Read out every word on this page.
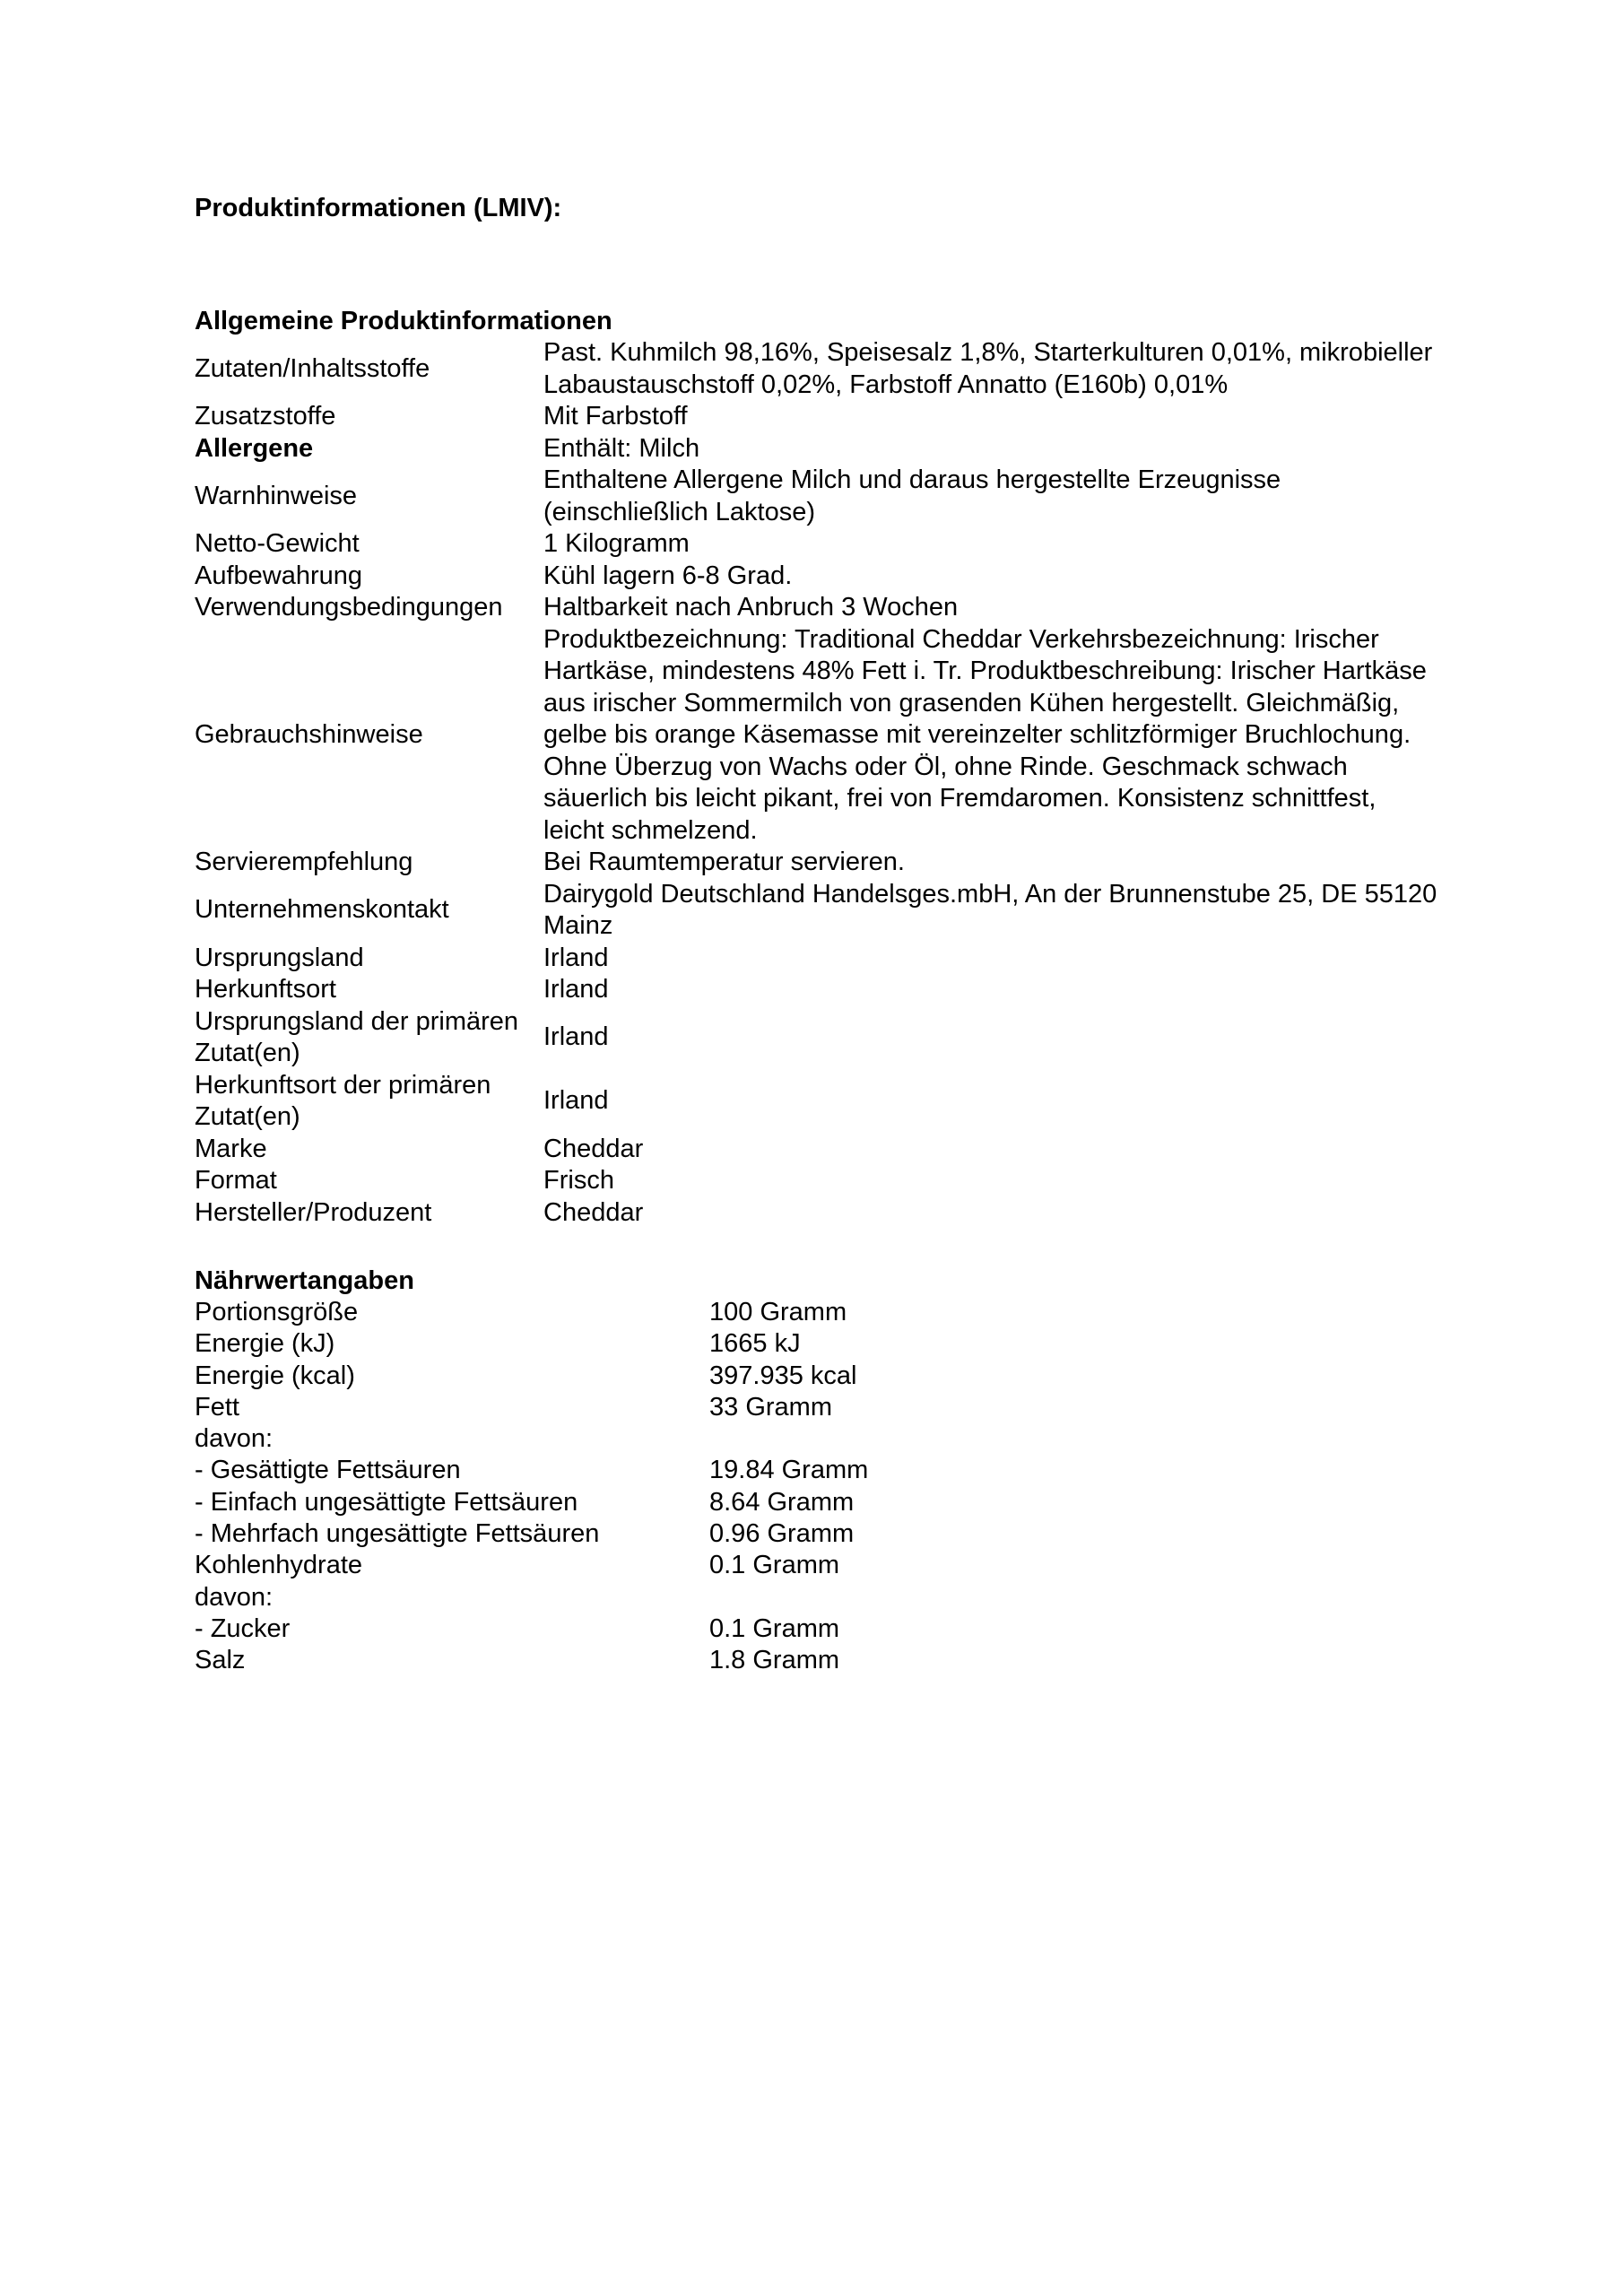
Produktinformationen (LMIV):
Allgemeine Produktinformationen
Zutaten/Inhaltsstoffe	Past. Kuhmilch 98,16%, Speisesalz 1,8%, Starterkulturen 0,01%, mikrobieller Labaustauschstoff 0,02%, Farbstoff Annatto (E160b) 0,01%
Zusatzstoffe	Mit Farbstoff
Allergene	Enthält: Milch
Warnhinweise	Enthaltene Allergene Milch und daraus hergestellte Erzeugnisse (einschließlich Laktose)
Netto-Gewicht	1 Kilogramm
Aufbewahrung	Kühl lagern 6-8 Grad.
Verwendungsbedingungen	Haltbarkeit nach Anbruch 3 Wochen
Gebrauchshinweise	Produktbezeichnung: Traditional Cheddar Verkehrsbezeichnung: Irischer Hartkäse, mindestens 48% Fett i. Tr. Produktbeschreibung: Irischer Hartkäse aus irischer Sommermilch von grasenden Kühen hergestellt. Gleichmäßig, gelbe bis orange Käsemasse mit vereinzelter schlitzförmiger Bruchlochung. Ohne Überzug von Wachs oder Öl, ohne Rinde. Geschmack schwach säuerlich bis leicht pikant, frei von Fremdaromen. Konsistenz schnittfest, leicht schmelzend.
Servierempfehlung	Bei Raumtemperatur servieren.
Unternehmenskontakt	Dairygold Deutschland Handelsges.mbH, An der Brunnenstube 25, DE 55120 Mainz
Ursprungsland	Irland
Herkunftsort	Irland
Ursprungsland der primären Zutat(en)	Irland
Herkunftsort der primären Zutat(en)	Irland
Marke	Cheddar
Format	Frisch
Hersteller/Produzent	Cheddar
Nährwertangaben
Portionsgröße	100 Gramm
Energie (kJ)	1665 kJ
Energie (kcal)	397.935 kcal
Fett	33 Gramm
davon:	
- Gesättigte Fettsäuren	19.84 Gramm
- Einfach ungesättigte Fettsäuren	8.64 Gramm
- Mehrfach ungesättigte Fettsäuren	0.96 Gramm
Kohlenhydrate	0.1 Gramm
davon:	
- Zucker	0.1 Gramm
Salz	1.8 Gramm
